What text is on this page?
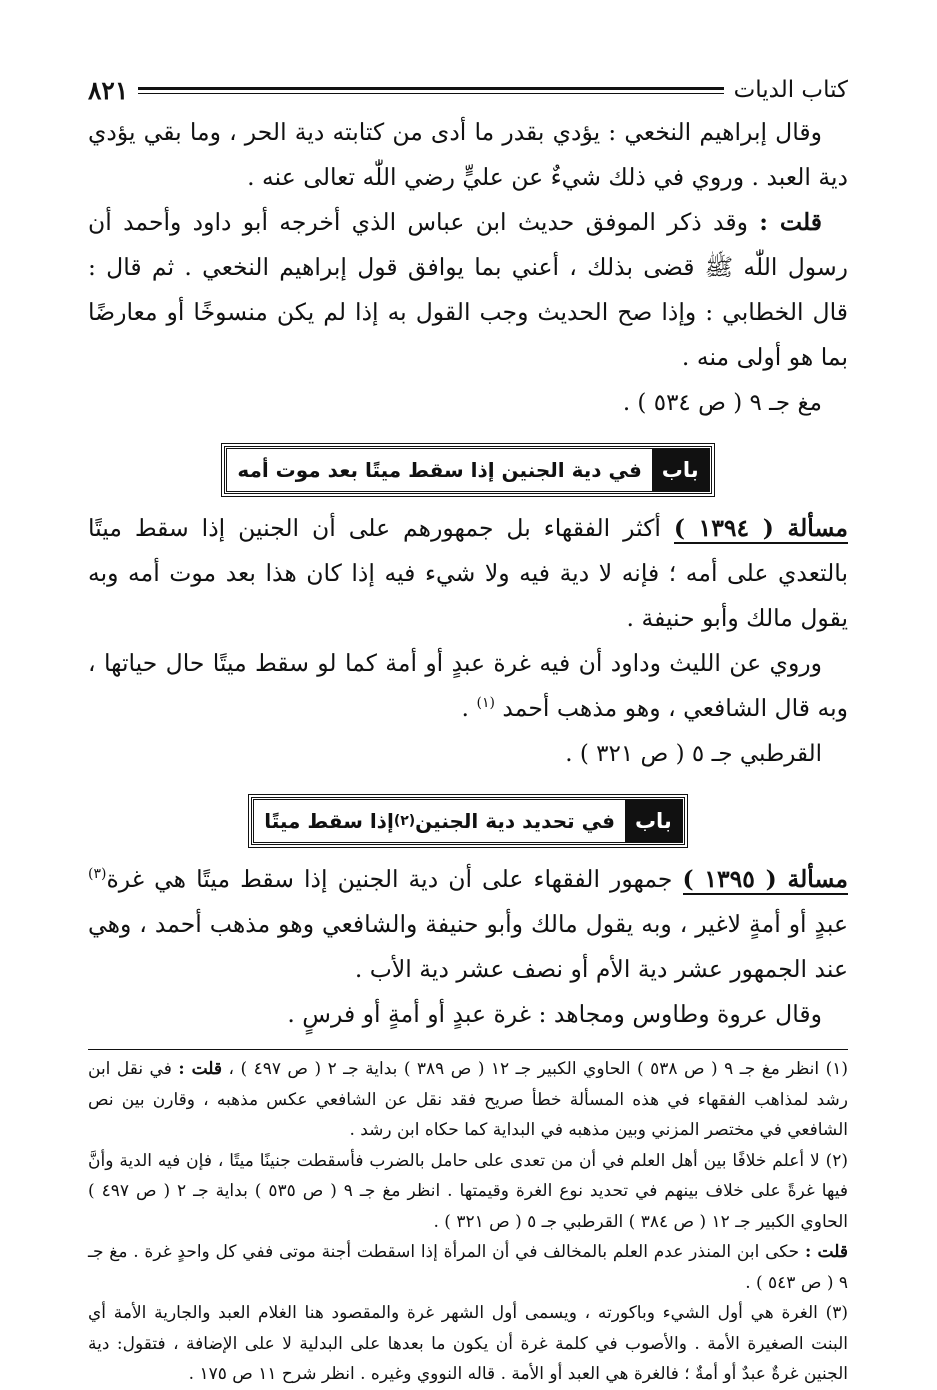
كتاب الديات
٨٢١

وقال إبراهيم النخعي : يؤدي بقدر ما أدى من كتابته دية الحر ، وما بقي يؤدي دية العبد . وروي في ذلك شيءٌ عن عليٍّ رضي اللّٰه تعالى عنه .

قلت : وقد ذكر الموفق حديث ابن عباس الذي أخرجه أبو داود وأحمد أن رسول اللّٰه ﷺ قضى بذلك ، أعني بما يوافق قول إبراهيم النخعي . ثم قال : قال الخطابي : وإذا صح الحديث وجب القول به إذا لم يكن منسوخًا أو معارضًا بما هو أولى منه .

مغ جـ ٩ ( ص ٥٣٤ ) .

باب
في دية الجنين إذا سقط ميتًا بعد موت أمه

مسألة ( ١٣٩٤ ) أكثر الفقهاء بل جمهورهم على أن الجنين إذا سقط ميتًا بالتعدي على أمه ؛ فإنه لا دية فيه ولا شيء فيه إذا كان هذا بعد موت أمه وبه يقول مالك وأبو حنيفة .

وروي عن الليث وداود أن فيه غرة عبدٍ أو أمة كما لو سقط ميتًا حال حياتها ، وبه قال الشافعي ، وهو مذهب أحمد $^{(١)}$ .

القرطبي جـ ٥ ( ص ٣٢١ ) .

باب
في تحديد دية الجنين
(٢)
إذا سقط ميتًا

مسألة ( ١٣٩٥ ) جمهور الفقهاء على أن دية الجنين إذا سقط ميتًا هي غرة$^{(٣)}$ عبدٍ أو أمةٍ لاغير ، وبه يقول مالك وأبو حنيفة والشافعي وهو مذهب أحمد ، وهي عند الجمهور عشر دية الأم أو نصف عشر دية الأب .

وقال عروة وطاوس ومجاهد : غرة عبدٍ أو أمةٍ أو فرسٍ .

(١) انظر مغ جـ ٩ ( ص ٥٣٨ ) الحاوي الكبير جـ ١٢ ( ص ٣٨٩ ) بداية جـ ٢ ( ص ٤٩٧ ) ، قلت : في نقل ابن رشد لمذاهب الفقهاء في هذه المسألة خطأ صريح فقد نقل عن الشافعي عكس مذهبه ، وقارن بين نص الشافعي في مختصر المزني وبين مذهبه في البداية كما حكاه ابن رشد .

(٢) لا أعلم خلافًا بين أهل العلم في أن من تعدى على حامل بالضرب فأسقطت جنينًا ميتًا ، فإن فيه الدية وأنَّ فيها غرةً على خلاف بينهم في تحديد نوع الغرة وقيمتها . انظر مغ جـ ٩ ( ص ٥٣٥ ) بداية جـ ٢ ( ص ٤٩٧ ) الحاوي الكبير جـ ١٢ ( ص ٣٨٤ ) القرطبي جـ ٥ ( ص ٣٢١ ) .

قلت : حكى ابن المنذر عدم العلم بالمخالف في أن المرأة إذا اسقطت أجنة موتى ففي كل واحدٍ غرة . مغ جـ ٩ ( ص ٥٤٣ ) .

(٣) الغرة هي أول الشيء وباكورته ، ويسمى أول الشهر غرة والمقصود هنا الغلام العبد والجارية الأمة أي البنت الصغيرة الأمة . والأصوب في كلمة غرة أن يكون ما بعدها على البدلية لا على الإضافة ، فتقول: دية الجنين غرةٌ عبدٌ أو أمةٌ ؛ فالغرة هي العبد أو الأمة . قاله النووي وغيره . انظر شرح ١١ ص ١٧٥ .
